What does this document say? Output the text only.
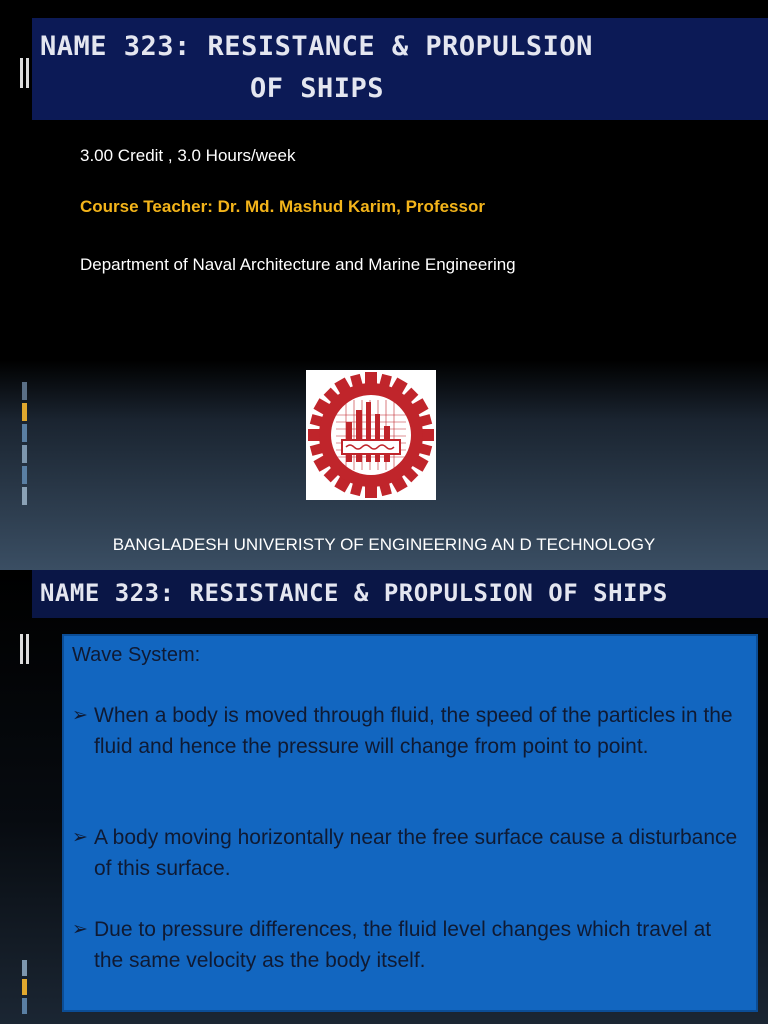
NAME 323: RESISTANCE & PROPULSION
OF SHIPS
3.00 Credit , 3.0 Hours/week
Course Teacher: Dr. Md. Mashud Karim, Professor
Department of Naval Architecture and Marine Engineering
BANGLADESH UNIVERISTY OF ENGINEERING AN D TECHNOLOGY
NAME 323: RESISTANCE & PROPULSION OF SHIPS
Wave System:
➢ When a body is moved through fluid, the speed of the particles in the fluid and hence the pressure will change from point to point.
➢ A body moving horizontally near the free surface cause a disturbance of this surface.
➢ Due to pressure differences, the fluid level changes which travel at the same velocity as the body itself.
